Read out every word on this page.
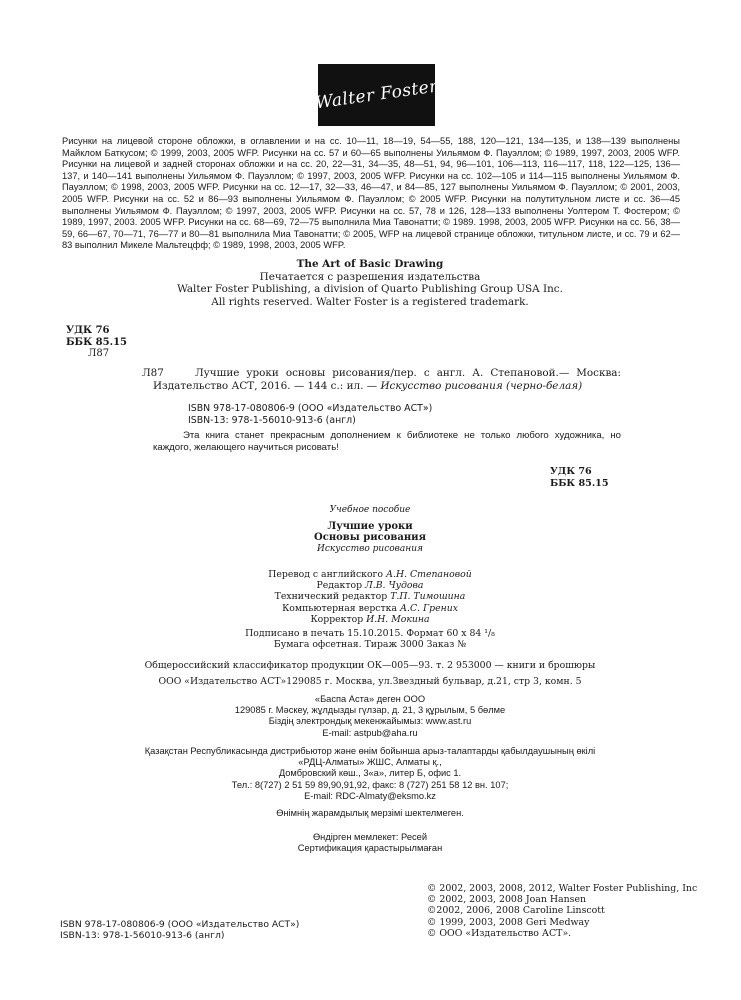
Walter Foster

Рисунки на лицевой стороне обложки, в оглавлении и на сс. 10—11, 18—19, 54—55, 188, 120—121, 134—135, и 138—139 выполнены Майклом Баткусом; © 1999, 2003, 2005 WFP. Рисунки на сс. 57 и 60—65 выполнены Уильямом Ф. Пауэллом; © 1989, 1997, 2003, 2005 WFP. Рисунки на лицевой и задней сторонах обложки и на сс. 20, 22—31, 34—35, 48—51, 94, 96—101, 106—113, 116—117, 118, 122—125, 136—137, и 140—141 выполнены Уильямом Ф. Пауэллом; © 1997, 2003, 2005 WFP. Рисунки на сс. 102—105 и 114—115 выполнены Уильямом Ф. Пауэллом; © 1998, 2003, 2005 WFP. Рисунки на сс. 12—17, 32—33, 46—47, и 84—85, 127 выполнены Уильямом Ф. Пауэллом; © 2001, 2003, 2005 WFP. Рисунки на сс. 52 и 86—93 выполнены Уильямом Ф. Пауэллом; © 2005 WFP. Рисунки на полутитульном листе и сс. 36—45 выполнены Уильямом Ф. Пауэллом; © 1997, 2003, 2005 WFP. Рисунки на сс. 57, 78 и 126, 128—133 выполнены Уолтером Т. Фостером; © 1989, 1997, 2003. 2005 WFP. Рисунки на сс. 68—69, 72—75 выполнила Миа Тавонатти; © 1989. 1998, 2003, 2005 WFP. Рисунки на сс. 56, 38—59, 66—67, 70—71, 76—77 и 80—81 выполнила Миа Тавонатти; © 2005, WFP на лицевой странице обложки, титульном листе, и сс. 79 и 62—83 выполнил Микеле Мальтецфф; © 1989, 1998, 2003, 2005 WFP.

The Art of Basic Drawing
Печатается с разрешения издательства
Walter Foster Publishing, a division of Quarto Publishing Group USA Inc.
All rights reserved. Walter Foster is a registered trademark.
УДК 76
ББК 85.15
Л87
Л87	Лучшие уроки основы рисования/пер. с англ. А. Степановой.— Москва: Издательство АСТ, 2016. — 144 с.: ил. — Искусство рисования (черно-белая)
ISBN 978-17-080806-9 (ООО «Издательство АСТ»)
ISBN-13: 978-1-56010-913-6 (англ)
Эта книга станет прекрасным дополнением к библиотеке не только любого художника, но каждого, желающего научиться рисовать!
УДК 76
ББК 85.15
Учебное пособие
Лучшие уроки
Основы рисования
Искусство рисования
Перевод с английского А.Н. Степановой
Редактор Л.В. Чудова
Технический редактор Т.П. Тимошина
Компьютерная верстка А.С. Грених
Корректор И.Н. Мокина
Подписано в печать 15.10.2015. Формат 60 х 84 ¹/₈
Бумага офсетная. Тираж 3000 Заказ №
Общероссийский классификатор продукции ОК—005—93. т. 2 953000 — книги и брошюры
ООО «Издательство АСТ»129085 г. Москва, ул.Звездный бульвар, д.21, стр 3, комн. 5
«Баспа Аста» деген ООО
129085 г. Мәскеу, жұлдызды гүлзар, д. 21, 3 құрылым, 5 бөлме
Біздің электрондық мекенжайымыз: www.ast.ru
E-mail: astpub@aha.ru
Қазақстан Республикасында дистрибьютор және өнім бойынша арыз-талаптарды қабылдаушының өкілі
«РДЦ-Алматы» ЖШС, Алматы қ.,
Домбровский көш., 3«а», литер Б, офис 1.
Тел.: 8(727) 2 51 59 89,90,91,92, факс: 8 (727) 251 58 12 вн. 107;
E-mail: RDC-Almaty@eksmo.kz
Өнімнің жарамдылық мерзімі шектелмеген.
Өндірген мемлекет: Ресей
Сертификация қарастырылмаған
© 2002, 2003, 2008, 2012, Walter Foster Publishing, Inc
© 2002, 2003, 2008 Joan Hansen
©2002, 2006, 2008 Caroline Linscott
© 1999, 2003, 2008 Geri Medway
© ООО «Издательство АСТ».
ISBN 978-17-080806-9 (ООО «Издательство АСТ»)
ISBN-13: 978-1-56010-913-6 (англ)
